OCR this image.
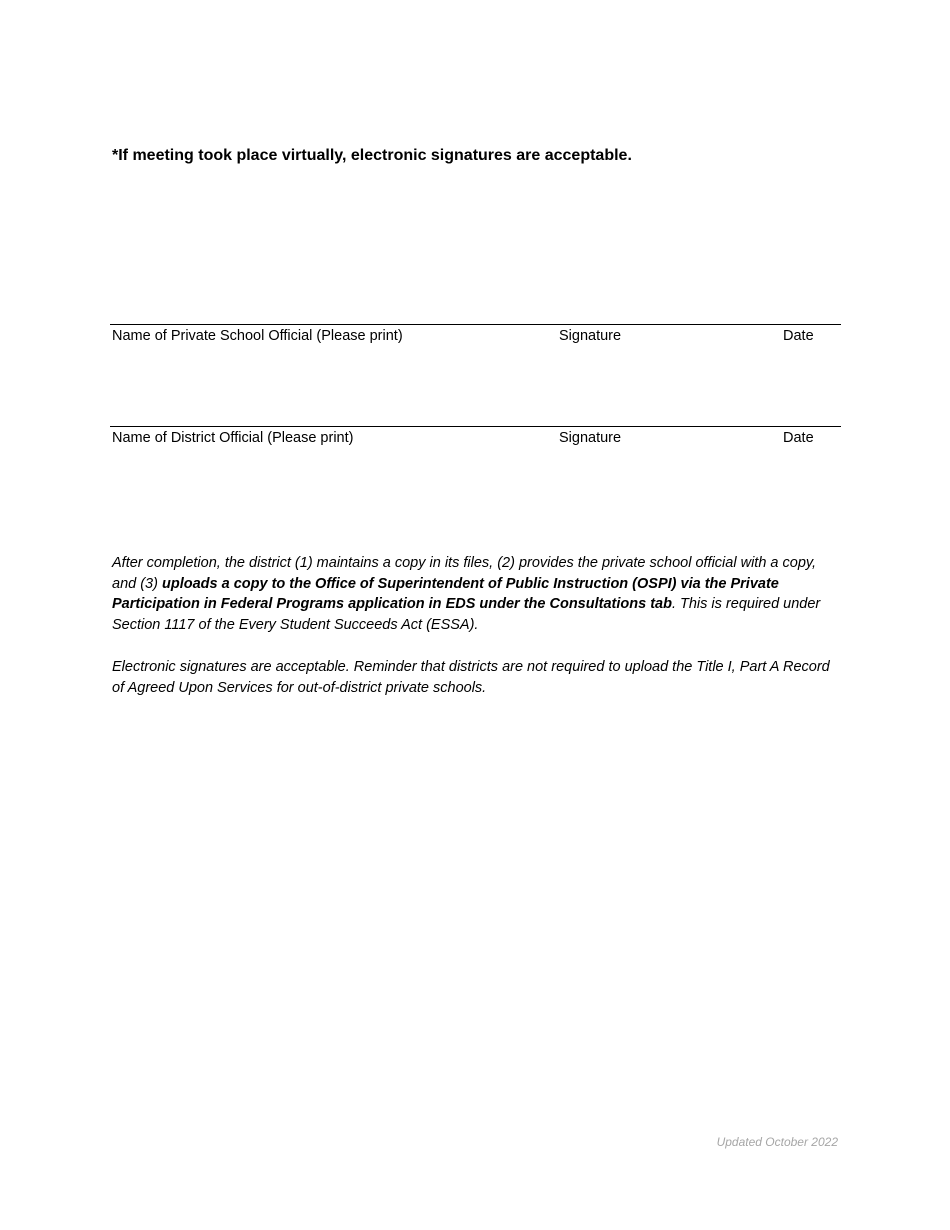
*If meeting took place virtually, electronic signatures are acceptable.
Name of Private School Official (Please print)	Signature	Date
Name of District Official (Please print)	Signature	Date

After completion, the district (1) maintains a copy in its files, (2) provides the private school official with a copy, and (3) uploads a copy to the Office of Superintendent of Public Instruction (OSPI) via the Private Participation in Federal Programs application in EDS under the Consultations tab. This is required under Section 1117 of the Every Student Succeeds Act (ESSA).

Electronic signatures are acceptable. Reminder that districts are not required to upload the Title I, Part A Record of Agreed Upon Services for out-of-district private schools.

Updated October 2022
